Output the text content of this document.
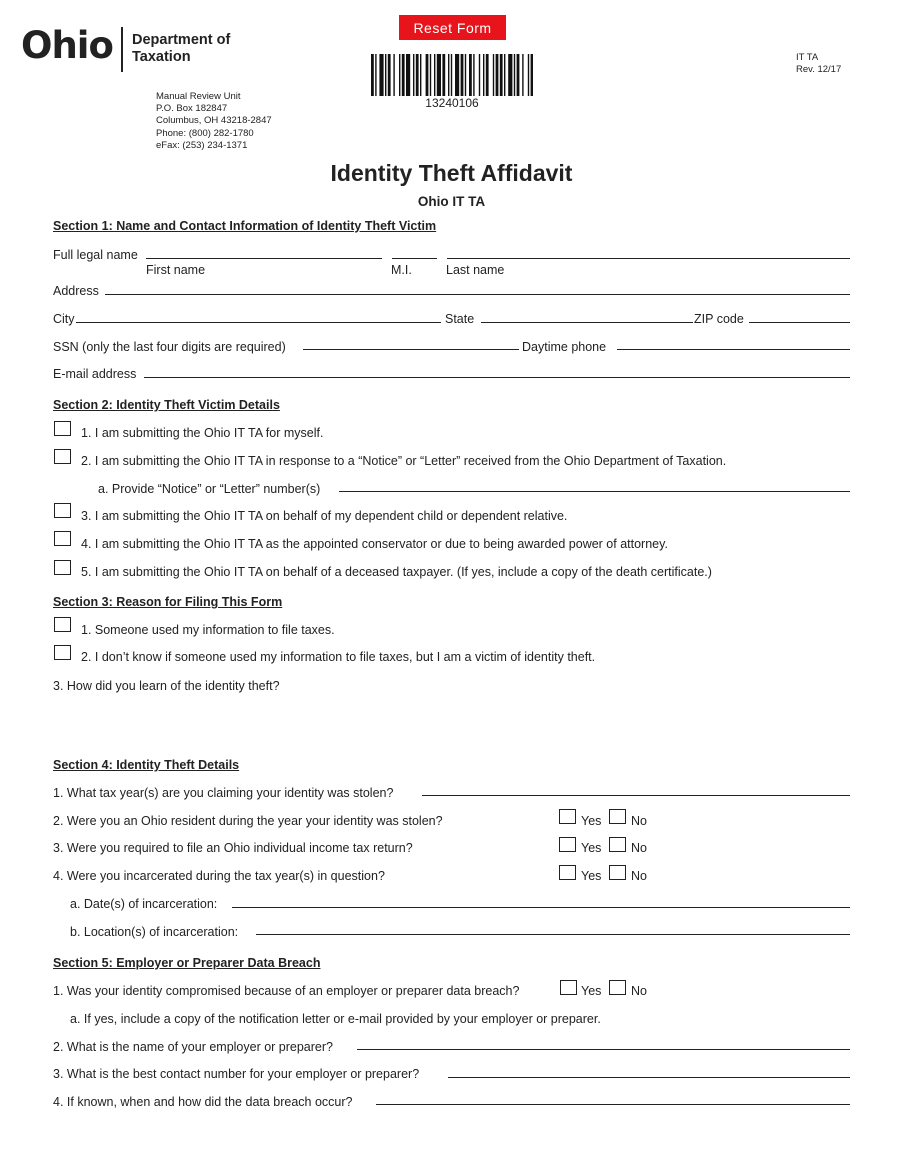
Reset Form
Ohio Department of
Taxation
Manual Review Unit
P.O. Box 182847
Columbus, OH 43218-2847
Phone: (800) 282-1780
eFax: (253) 234-1371
13240106
IT TA
Rev. 12/17
Identity Theft Affidavit
Ohio IT TA
Section 1: Name and Contact Information of Identity Theft Victim
Full legal name
First name	M.I.	Last name
Address
City	State	ZIP code
SSN (only the last four digits are required)	Daytime phone
E-mail address
Section 2: Identity Theft Victim Details
1. I am submitting the Ohio IT TA for myself.
2. I am submitting the Ohio IT TA in response to a “Notice” or “Letter” received from the Ohio Department of Taxation.
a. Provide “Notice” or “Letter” number(s)
3. I am submitting the Ohio IT TA on behalf of my dependent child or dependent relative.
4. I am submitting the Ohio IT TA as the appointed conservator or due to being awarded power of attorney.
5. I am submitting the Ohio IT TA on behalf of a deceased taxpayer. (If yes, include a copy of the death certificate.)
Section 3: Reason for Filing This Form
1. Someone used my information to file taxes.
2. I don’t know if someone used my information to file taxes, but I am a victim of identity theft.
3. How did you learn of the identity theft?
Section 4: Identity Theft Details
1. What tax year(s) are you claiming your identity was stolen?
2. Were you an Ohio resident during the year your identity was stolen?	Yes No
3. Were you required to file an Ohio individual income tax return?	Yes No
4. Were you incarcerated during the tax year(s) in question?	Yes No
a. Date(s) of incarceration:
b. Location(s) of incarceration:
Section 5: Employer or Preparer Data Breach
1. Was your identity compromised because of an employer or preparer data breach?	Yes No
a. If yes, include a copy of the notification letter or e-mail provided by your employer or preparer.
2. What is the name of your employer or preparer?
3. What is the best contact number for your employer or preparer?
4. If known, when and how did the data breach occur?
